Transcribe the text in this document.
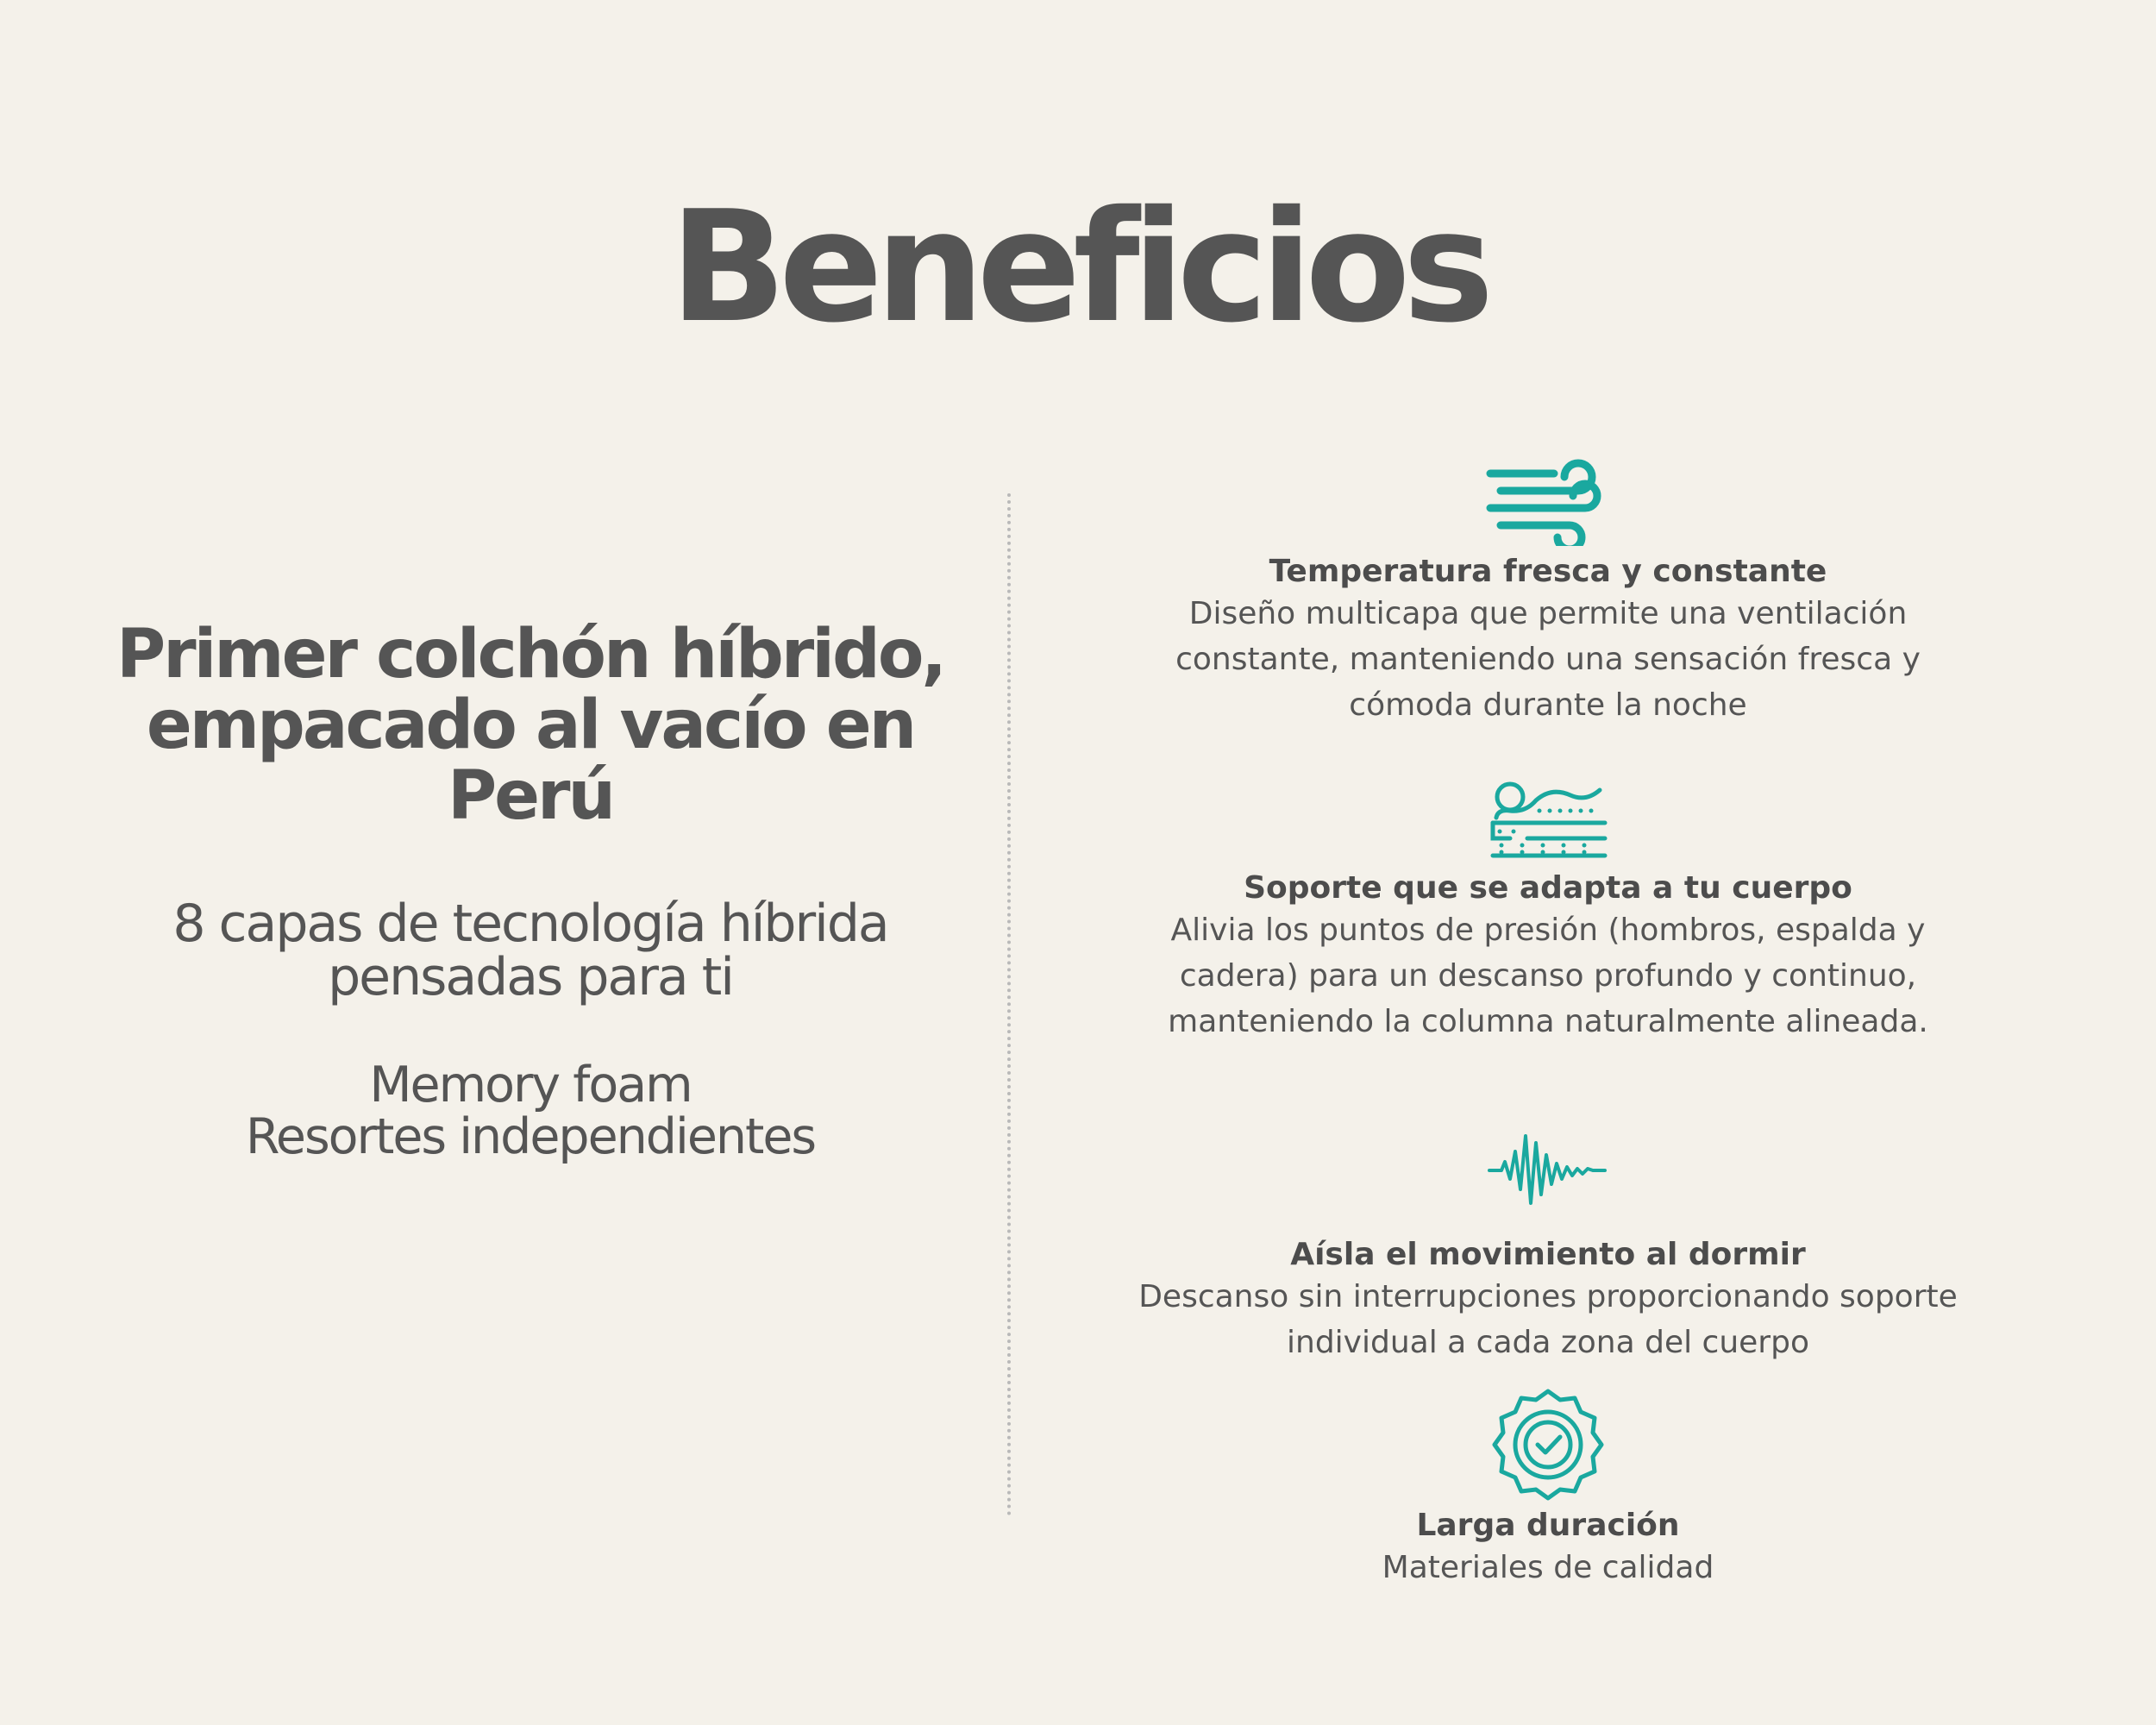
Beneficios
Primer colchón híbrido,
empacado al vacío en
Perú
8 capas de tecnología híbrida
pensadas para ti
Memory foam
Resortes independientes
Temperatura fresca y constante
Diseño multicapa que permite una ventilación
constante, manteniendo una sensación fresca y
cómoda durante la noche
Soporte que se adapta a tu cuerpo
Alivia los puntos de presión (hombros, espalda y
cadera) para un descanso profundo y continuo,
manteniendo la columna naturalmente alineada.
Aísla el movimiento al dormir
Descanso sin interrupciones proporcionando soporte
individual a cada zona del cuerpo
Larga duración
Materiales de calidad
